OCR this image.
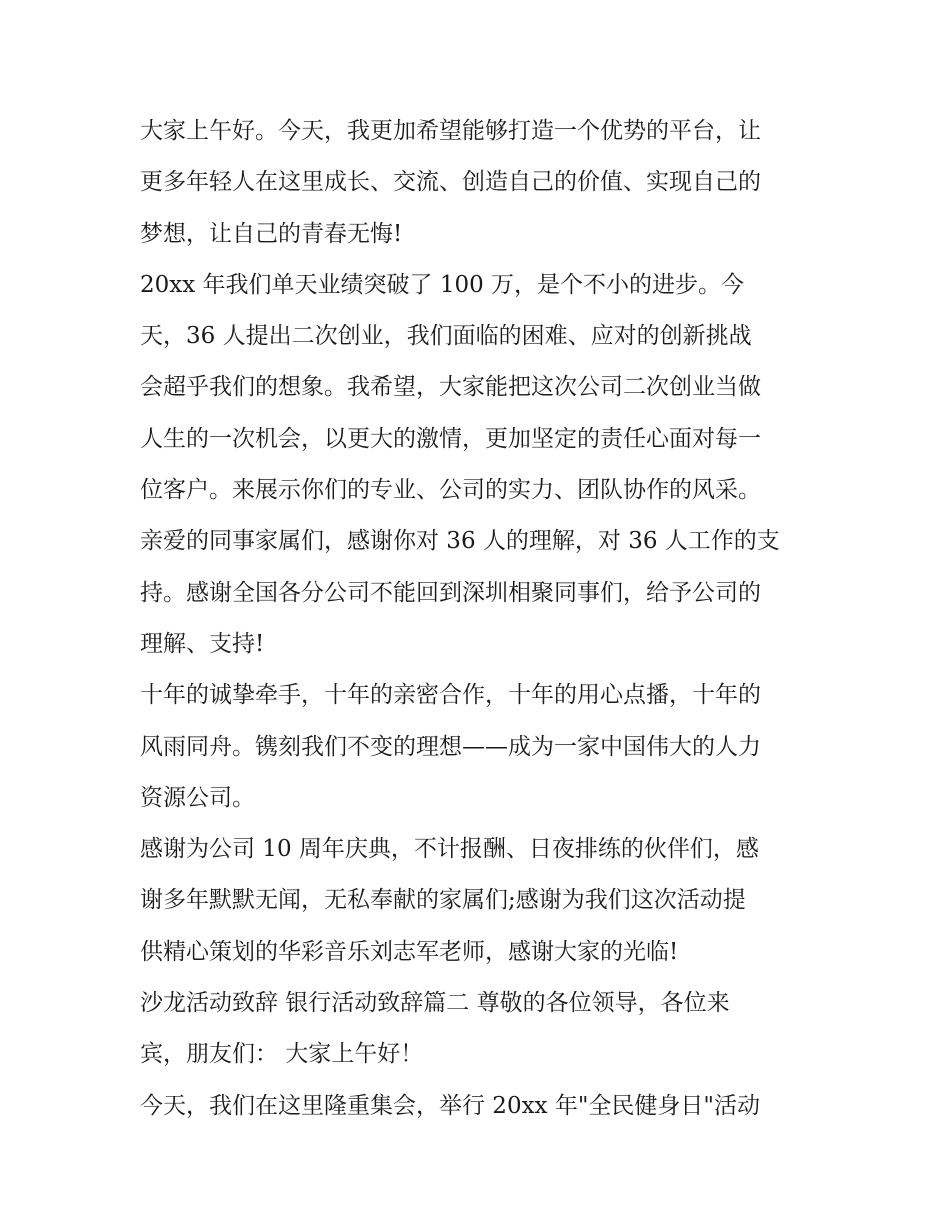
大家上午好。今天，我更加希望能够打造一个优势的平台，让
更多年轻人在这里成长、交流、创造自己的价值、实现自己的
梦想，让自己的青春无悔!
20xx 年我们单天业绩突破了 100 万，是个不小的进步。今
天，36 人提出二次创业，我们面临的困难、应对的创新挑战
会超乎我们的想象。我希望，大家能把这次公司二次创业当做
人生的一次机会，以更大的激情，更加坚定的责任心面对每一
位客户。来展示你们的专业、公司的实力、团队协作的风采。
亲爱的同事家属们，感谢你对 36 人的理解，对 36 人工作的支
持。感谢全国各分公司不能回到深圳相聚同事们，给予公司的
理解、支持!
十年的诚挚牵手，十年的亲密合作，十年的用心点播，十年的
风雨同舟。镌刻我们不变的理想——成为一家中国伟大的人力
资源公司。
感谢为公司 10 周年庆典，不计报酬、日夜排练的伙伴们，感
谢多年默默无闻，无私奉献的家属们;感谢为我们这次活动提
供精心策划的华彩音乐刘志军老师，感谢大家的光临!
沙龙活动致辞 银行活动致辞篇二 尊敬的各位领导，各位来
宾，朋友们： 大家上午好！
今天，我们在这里隆重集会，举行 20xx 年"全民健身日"活动
